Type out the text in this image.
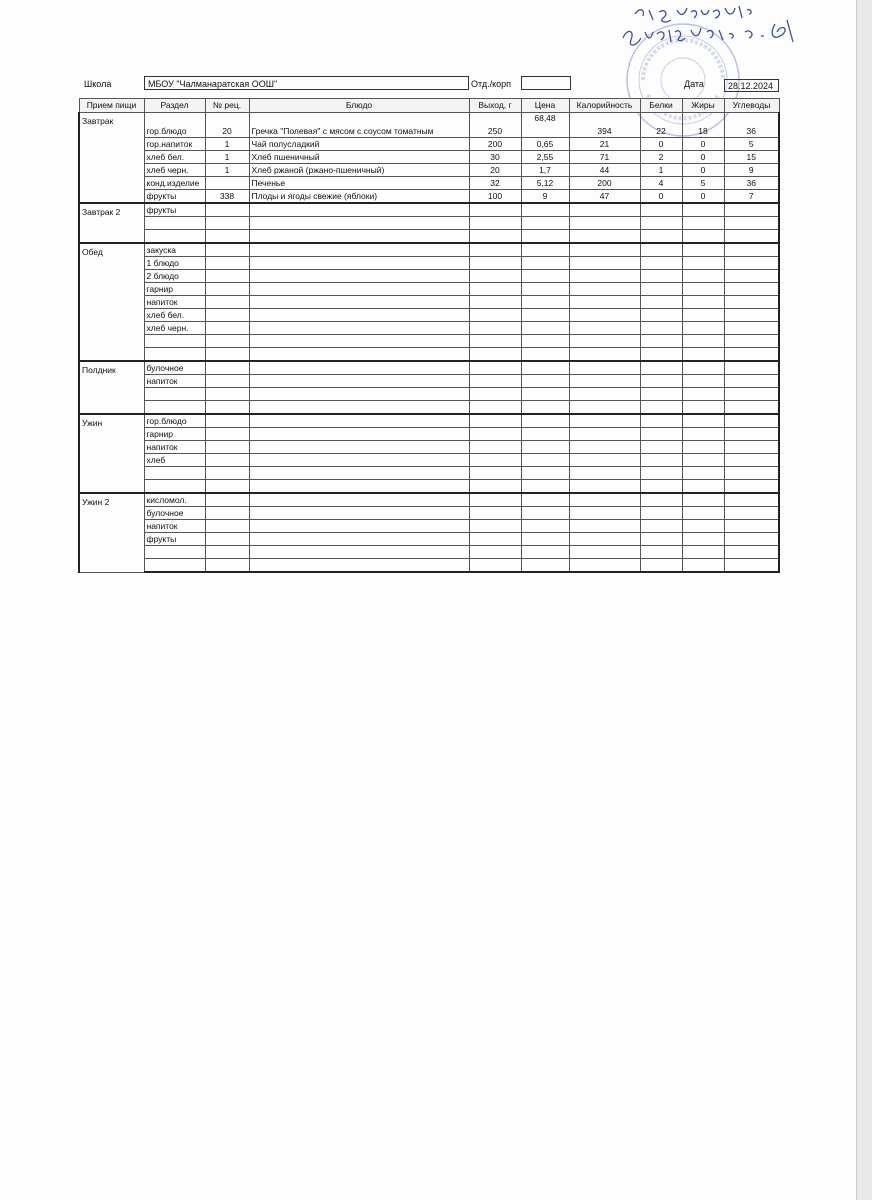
Школа	МБОУ "Чалманаратская ООШ"	Отд./корп	Дата	28.12.2024
Прием пищи	Раздел	№ рец.	Блюдо	Выход, г	Цена	Калорийность	Белки	Жиры	Углеводы
Завтрак	гор.блюдо	20	Гречка "Полевая" с мясом с соусом томатным	250	68,48	394	22	18	36
	гор.напиток	1	Чай полусладкий	200	0,65	21	0	0	5
	хлеб бел.	1	Хлеб пшеничный	30	2,55	71	2	0	15
	хлеб черн.	1	Хлеб ржаной (ржано-пшеничный)	20	1,7	44	1	0	9
	конд.изделие		Печенье	32	5,12	200	4	5	36
	фрукты	338	Плоды и ягоды свежие (яблоки)	100	9	47	0	0	7
Завтрак 2	фрукты								

Обед	закуска								
	1 блюдо								
	2 блюдо								
	гарнир								
	напиток								
	хлеб бел.								
	хлеб черн.								

Полдник	булочное								
	напиток								

Ужин	гор.блюдо								
	гарнир								
	напиток								
	хлеб								

Ужин 2	кисломол.								
	булочное								
	напиток								
	фрукты								
